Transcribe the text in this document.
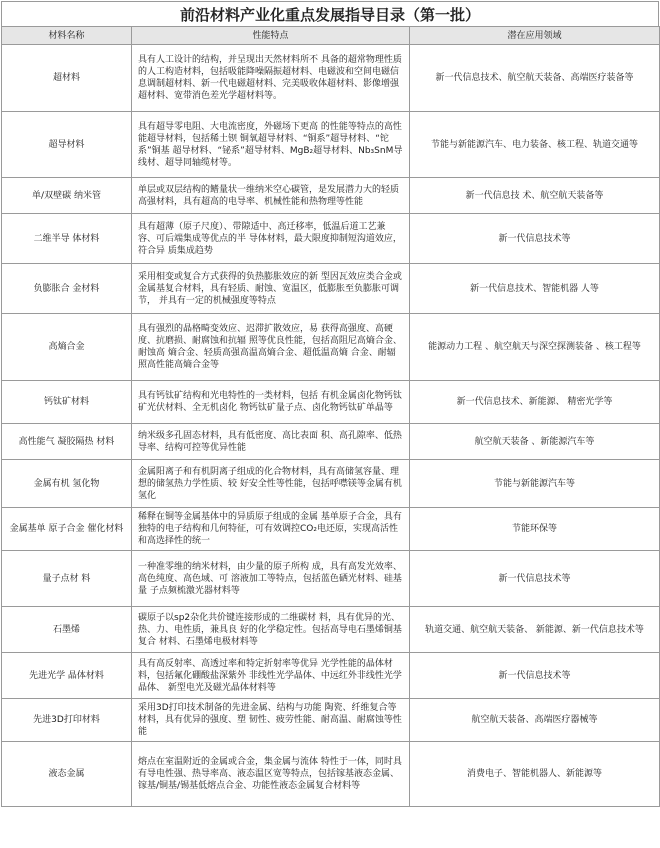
前沿材料产业化重点发展指导目录（第一批）
材料名称	性能特点	潜在应用领域
超材料	具有人工设计的结构，并呈现出天然材料所不 具备的超常物理性质的人工构造材料，包括吸能降噪隔振超材料、电磁波和空间电磁信息调制超材料、新一代电磁超材料、完美吸收体超材料、影像增强超材料、宽带消色差光学超材料等。	新一代信息技术、航空航天装备、高端医疗装备等
超导材料	具有超导零电阻、大电流密度，外磁场下更高 的性能等特点的高性能超导材料，包括稀土钡 铜氧超导材料、“铜系”超导材料、“铊系”铜基 超导材料、“铋系”超导材料、MgB₂超导材料、Nb₃SnM导线材、超导同轴缆材等。	节能与新能源汽车、电力装备、核工程、轨道交通等
单/双壁碳 纳米管	单层或双层结构的鳍量状一维纳米空心碳管，是发展潜力大的轻质高强材料，具有超高的电导率、机械性能和热物理等性能	新一代信息技 术、航空航天装备等
二维半导 体材料	具有超薄（原子尺度）、带隙适中、高迁移率，低温后道工艺兼容、可后端集成等优点的半 导体材料，最大限度抑制短沟道效应，符合异 质集成趋势	新一代信息技术等
负膨胀合 金材料	采用相变或复合方式获得的负热膨胀效应的新 型因瓦效应类合金或金属基复合材料，具有轻质、耐蚀、宽温区，低膨胀至负膨胀可调节， 并具有一定的机械强度等特点	新一代信息技术、智能机器 人等
高熵合金	具有强烈的晶格畸变效应、迟滞扩散效应，易 获得高强度、高硬度、抗磨损、耐腐蚀和抗辐 照等优良性能，包括高阻尼高熵合金、耐蚀高 熵合金、轻质高强高温高熵合金、超低温高熵 合金、耐辐照高性能高熵合金等	能源动力工程 、航空航天与深空探测装备 、核工程等
钙钛矿材料	具有钙钛矿结构和光电特性的一类材料，包括 有机金属卤化物钙钛矿光伏材料、全无机卤化 物钙钛矿量子点、卤化物钙钛矿单晶等	新一代信息技术、新能源、 精密光学等
高性能气 凝胶隔热 材料	纳米级多孔固态材料，具有低密度、高比表面 积、高孔隙率、低热导率、结构可控等优异性能	航空航天装备 、新能源汽车等
金属有机 氢化物	金属阳离子和有机阴离子组成的化合物材料，具有高储氢容量、理想的储氢热力学性质、较 好安全性等性能，包括呼噤镁等金属有机氢化	节能与新能源汽车等
金属基单 原子合金 催化材料	稀释在铜等金属基体中的异质原子组成的金属 基单原子合金，具有独特的电子结构和几何特征，可有效调控CO₂电还原，实现高活性和高选择性的统一	节能环保等
量子点材 料	一种准零维的纳米材料，由少量的原子所构 成，具有高发光效率、高色纯度、高色域、可 溶液加工等特点，包括蓝色硒光材料、硅基量 子点频梳激光器材料等	新一代信息技术等
石墨烯	碳原子以sp2杂化共价键连接形成的二维碳材 料，具有优异的光、热、力、电性质，兼具良 好的化学稳定性。包括高导电石墨烯铜基复合 材料、石墨烯电极材料等	轨道交通、航空航天装备、 新能源、新一代信息技术等
先进光学 晶体材料	具有高反射率、高透过率和特定折射率等优异 光学性能的晶体材料，包括氟化硼酸盐深紫外 非线性光学晶体、中远红外非线性光学晶体、 新型电光及磁光晶体材料等	新一代信息技术等
先进3D打印材料	采用3D打印技术制备的先进金属、结构与功能 陶瓷、纤维复合等材料，具有优异的强度、塑 韧性、疲劳性能、耐高温、耐腐蚀等性能	航空航天装备、高端医疗器械等
液态金属	熔点在室温附近的金属或合金，集金属与流体 特性于一体，同时具有导电性强、热导率高、液态温区宽等特点，包括镓基液态金属、镓基/铜基/锡基低熔点合金、功能性液态金属复合材料等	消费电子、智能机器人、新能源等
